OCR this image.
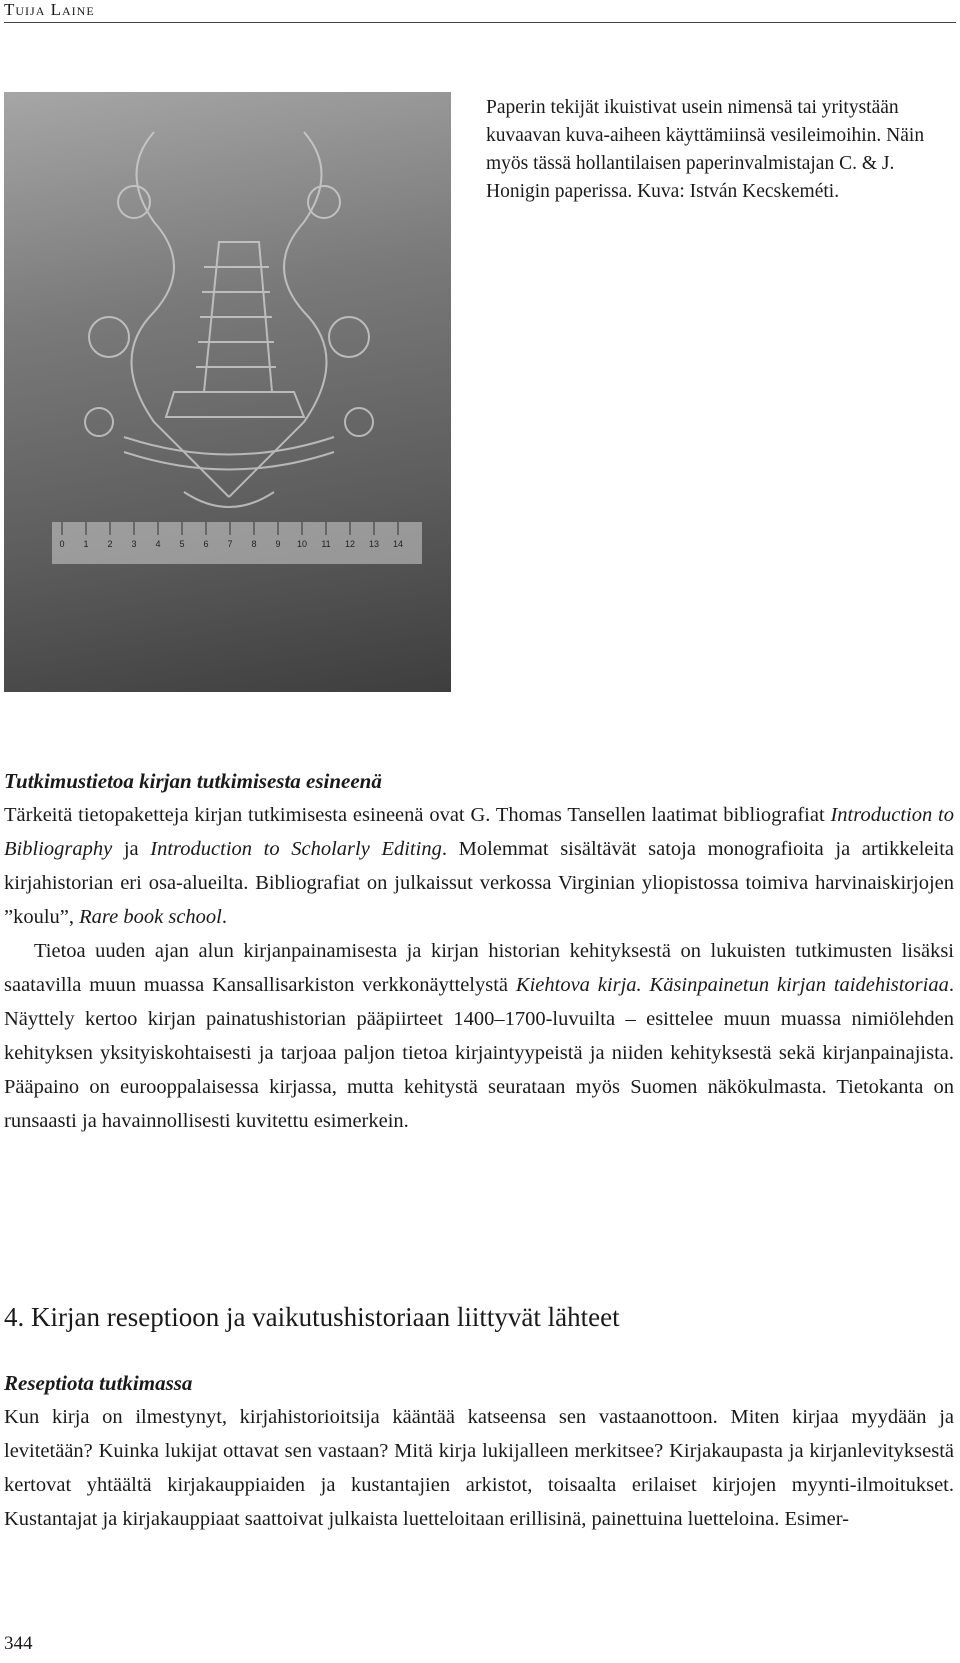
Tuija Laine
0 1 2 3 4 5 6 7 8 9 10 11 12 13 14
Paperin tekijät ikuistivat usein nimensä tai yritystään kuvaavan kuva-aiheen käyttämiinsä vesileimoihin. Näin myös tässä hollantilaisen paperinvalmistajan C. & J. Honigin paperissa. Kuva: István Kecskeméti.

Tutkimustietoa kirjan tutkimisesta esineenä

Tärkeitä tietopaketteja kirjan tutkimisesta esineenä ovat G. Thomas Tansellen laatimat bibliografiat Introduction to Bibliography ja Introduction to Scholarly Editing. Molemmat sisältävät satoja monografioita ja artikkeleita kirjahistorian eri osa-alueilta. Bibliografiat on julkaissut verkossa Virginian yliopistossa toimiva harvinaiskirjojen ”koulu”, Rare book school.

Tietoa uuden ajan alun kirjanpainamisesta ja kirjan historian kehityksestä on lukuisten tutkimusten lisäksi saatavilla muun muassa Kansallisarkiston verkkonäyttelystä Kiehtova kirja. Käsinpainetun kirjan taidehistoriaa. Näyttely kertoo kirjan painatushistorian pääpiirteet 1400–1700-luvuilta – esittelee muun muassa nimiölehden kehityksen yksityiskohtaisesti ja tarjoaa paljon tietoa kirjaintyypeistä ja niiden kehityksestä sekä kirjanpainajista. Pääpaino on eurooppalaisessa kirjassa, mutta kehitystä seurataan myös Suomen näkökulmasta. Tietokanta on runsaasti ja havainnollisesti kuvitettu esimerkein.

4. Kirjan reseptioon ja vaikutushistoriaan liittyvät lähteet

Reseptiota tutkimassa

Kun kirja on ilmestynyt, kirjahistorioitsija kääntää katseensa sen vastaanottoon. Miten kirjaa myydään ja levitetään? Kuinka lukijat ottavat sen vastaan? Mitä kirja lukijalleen merkitsee? Kirjakaupasta ja kirjanlevityksestä kertovat yhtäältä kirjakauppiaiden ja kustantajien arkistot, toisaalta erilaiset kirjojen myynti-ilmoitukset. Kustantajat ja kirjakauppiaat saattoivat julkaista luetteloitaan erillisinä, painettuina luetteloina. Esimer-

344
